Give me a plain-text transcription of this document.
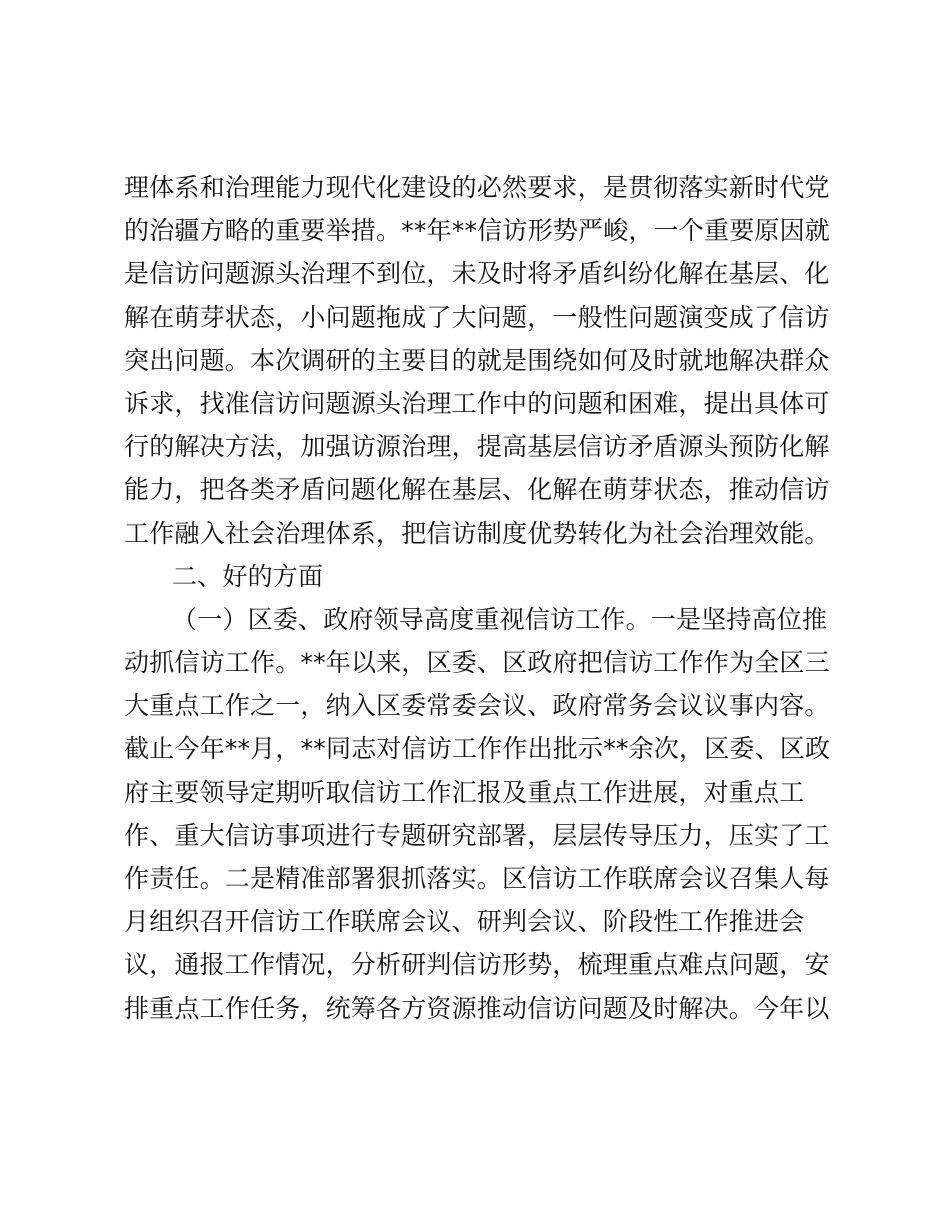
理体系和治理能力现代化建设的必然要求，是贯彻落实新时代党
的治疆方略的重要举措。**年**信访形势严峻，一个重要原因就
是信访问题源头治理不到位，未及时将矛盾纠纷化解在基层、化
解在萌芽状态，小问题拖成了大问题，一般性问题演变成了信访
突出问题。本次调研的主要目的就是围绕如何及时就地解决群众
诉求，找准信访问题源头治理工作中的问题和困难，提出具体可
行的解决方法，加强访源治理，提高基层信访矛盾源头预防化解
能力，把各类矛盾问题化解在基层、化解在萌芽状态，推动信访
工作融入社会治理体系，把信访制度优势转化为社会治理效能。
二、好的方面
（一）区委、政府领导高度重视信访工作。一是坚持高位推
动抓信访工作。**年以来，区委、区政府把信访工作作为全区三
大重点工作之一，纳入区委常委会议、政府常务会议议事内容。
截止今年**月，**同志对信访工作作出批示**余次，区委、区政
府主要领导定期听取信访工作汇报及重点工作进展，对重点工
作、重大信访事项进行专题研究部署，层层传导压力，压实了工
作责任。二是精准部署狠抓落实。区信访工作联席会议召集人每
月组织召开信访工作联席会议、研判会议、阶段性工作推进会
议，通报工作情况，分析研判信访形势，梳理重点难点问题，安
排重点工作任务，统筹各方资源推动信访问题及时解决。今年以
